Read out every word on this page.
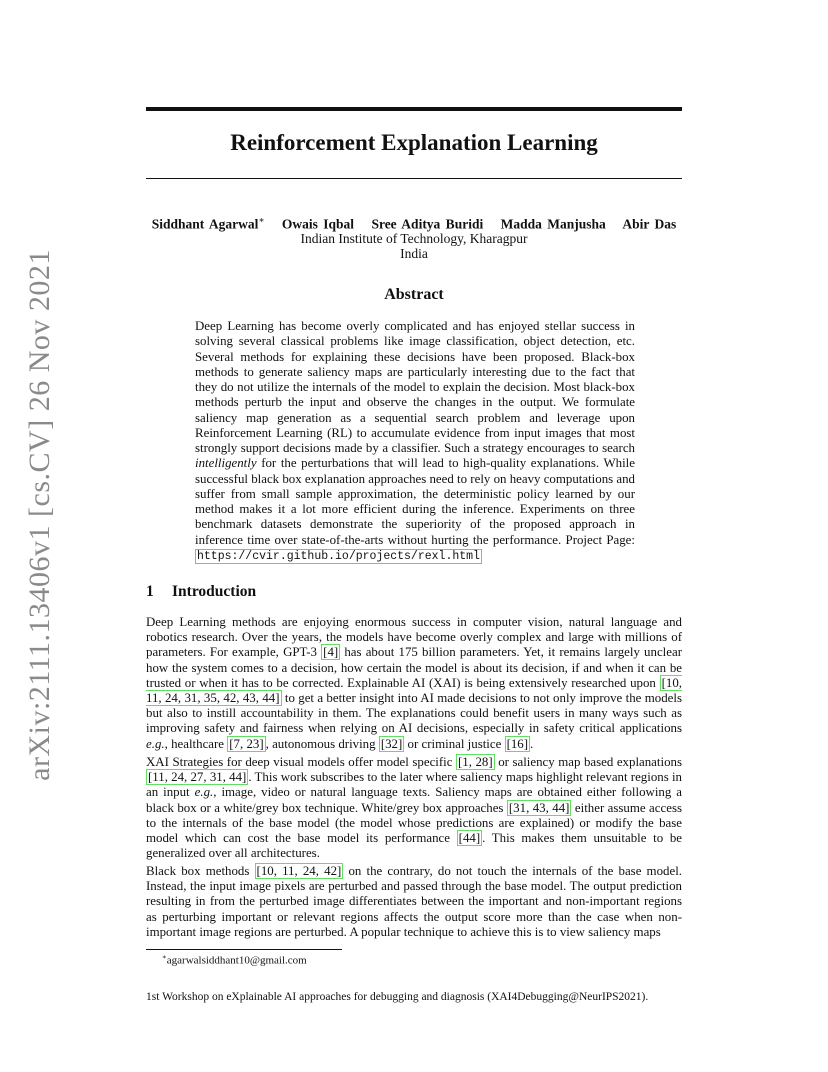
arXiv:2111.13406v1 [cs.CV] 26 Nov 2021
Reinforcement Explanation Learning
Siddhant Agarwal∗ Owais Iqbal Sree Aditya Buridi Madda Manjusha Abir Das
Indian Institute of Technology, Kharagpur
India
Abstract
Deep Learning has become overly complicated and has enjoyed stellar success in solving several classical problems like image classification, object detection, etc. Several methods for explaining these decisions have been proposed. Black-box methods to generate saliency maps are particularly interesting due to the fact that they do not utilize the internals of the model to explain the decision. Most black-box methods perturb the input and observe the changes in the output. We formulate saliency map generation as a sequential search problem and leverage upon Reinforcement Learning (RL) to accumulate evidence from input images that most strongly support decisions made by a classifier. Such a strategy encourages to search intelligently for the perturbations that will lead to high-quality explanations. While successful black box explanation approaches need to rely on heavy computations and suffer from small sample approximation, the deterministic policy learned by our method makes it a lot more efficient during the inference. Experiments on three benchmark datasets demonstrate the superiority of the proposed approach in inference time over state-of-the-arts without hurting the performance. Project Page: https://cvir.github.io/projects/rexl.html
1 Introduction
Deep Learning methods are enjoying enormous success in computer vision, natural language and robotics research. Over the years, the models have become overly complex and large with millions of parameters. For example, GPT-3 [4] has about 175 billion parameters. Yet, it remains largely unclear how the system comes to a decision, how certain the model is about its decision, if and when it can be trusted or when it has to be corrected. Explainable AI (XAI) is being extensively researched upon [10, 11, 24, 31, 35, 42, 43, 44] to get a better insight into AI made decisions to not only improve the models but also to instill accountability in them. The explanations could benefit users in many ways such as improving safety and fairness when relying on AI decisions, especially in safety critical applications e.g., healthcare [7, 23] , autonomous driving [32] or criminal justice [16] .
XAI Strategies for deep visual models offer model specific [1, 28] or saliency map based explanations [11, 24, 27, 31, 44] . This work subscribes to the later where saliency maps highlight relevant regions in an input e.g., image, video or natural language texts. Saliency maps are obtained either following a black box or a white/grey box technique. White/grey box approaches [31, 43, 44] either assume access to the internals of the base model (the model whose predictions are explained) or modify the base model which can cost the base model its performance [44] . This makes them unsuitable to be generalized over all architectures.
Black box methods [10, 11, 24, 42] on the contrary, do not touch the internals of the base model. Instead, the input image pixels are perturbed and passed through the base model. The output prediction resulting in from the perturbed image differentiates between the important and non-important regions as perturbing important or relevant regions affects the output score more than the case when non-important image regions are perturbed. A popular technique to achieve this is to view saliency maps
∗agarwalsiddhant10@gmail.com
1st Workshop on eXplainable AI approaches for debugging and diagnosis (XAI4Debugging@NeurIPS2021).
